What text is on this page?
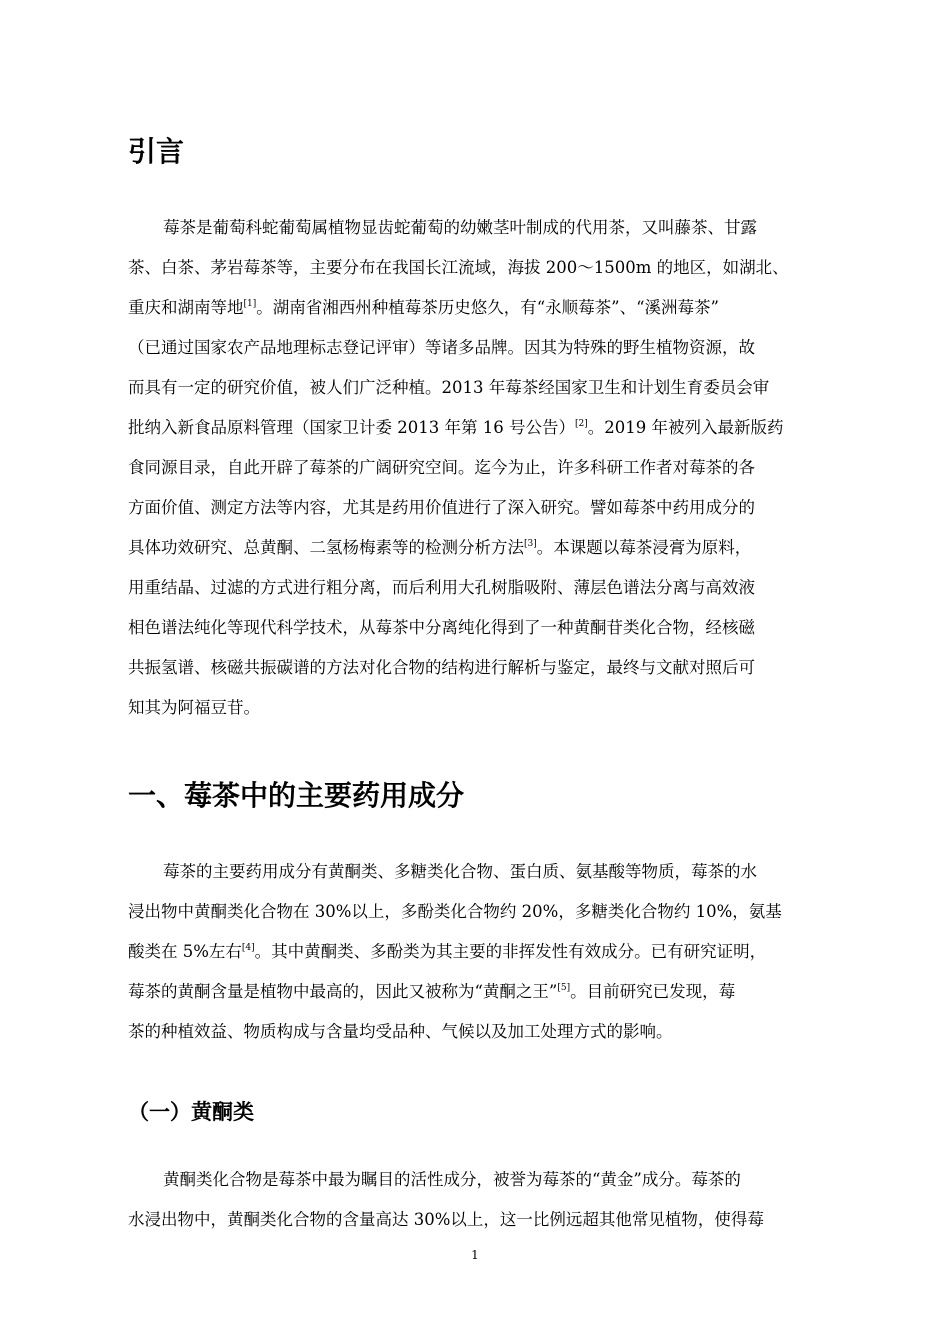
引言
莓茶是葡萄科蛇葡萄属植物显齿蛇葡萄的幼嫩茎叶制成的代用茶，又叫藤茶、甘露
茶、白茶、茅岩莓茶等，主要分布在我国长江流域，海拔 200～1500m 的地区，如湖北、
重庆和湖南等地[1]。湖南省湘西州种植莓茶历史悠久，有“永顺莓茶”、“溪洲莓茶”
（已通过国家农产品地理标志登记评审）等诸多品牌。因其为特殊的野生植物资源，故
而具有一定的研究价值，被人们广泛种植。2013 年莓茶经国家卫生和计划生育委员会审
批纳入新食品原料管理（国家卫计委 2013 年第 16 号公告）[2]。2019 年被列入最新版药
食同源目录，自此开辟了莓茶的广阔研究空间。迄今为止，许多科研工作者对莓茶的各
方面价值、测定方法等内容，尤其是药用价值进行了深入研究。譬如莓茶中药用成分的
具体功效研究、总黄酮、二氢杨梅素等的检测分析方法[3]。本课题以莓茶浸膏为原料，
用重结晶、过滤的方式进行粗分离，而后利用大孔树脂吸附、薄层色谱法分离与高效液
相色谱法纯化等现代科学技术，从莓茶中分离纯化得到了一种黄酮苷类化合物，经核磁
共振氢谱、核磁共振碳谱的方法对化合物的结构进行解析与鉴定，最终与文献对照后可
知其为阿福豆苷。
一、莓茶中的主要药用成分
莓茶的主要药用成分有黄酮类、多糖类化合物、蛋白质、氨基酸等物质，莓茶的水
浸出物中黄酮类化合物在 30%以上，多酚类化合物约 20%，多糖类化合物约 10%，氨基
酸类在 5%左右[4]。其中黄酮类、多酚类为其主要的非挥发性有效成分。已有研究证明，
莓茶的黄酮含量是植物中最高的，因此又被称为“黄酮之王”[5]。目前研究已发现，莓
茶的种植效益、物质构成与含量均受品种、气候以及加工处理方式的影响。
（一）黄酮类
黄酮类化合物是莓茶中最为瞩目的活性成分，被誉为莓茶的“黄金”成分。莓茶的
水浸出物中，黄酮类化合物的含量高达 30%以上，这一比例远超其他常见植物，使得莓
1
